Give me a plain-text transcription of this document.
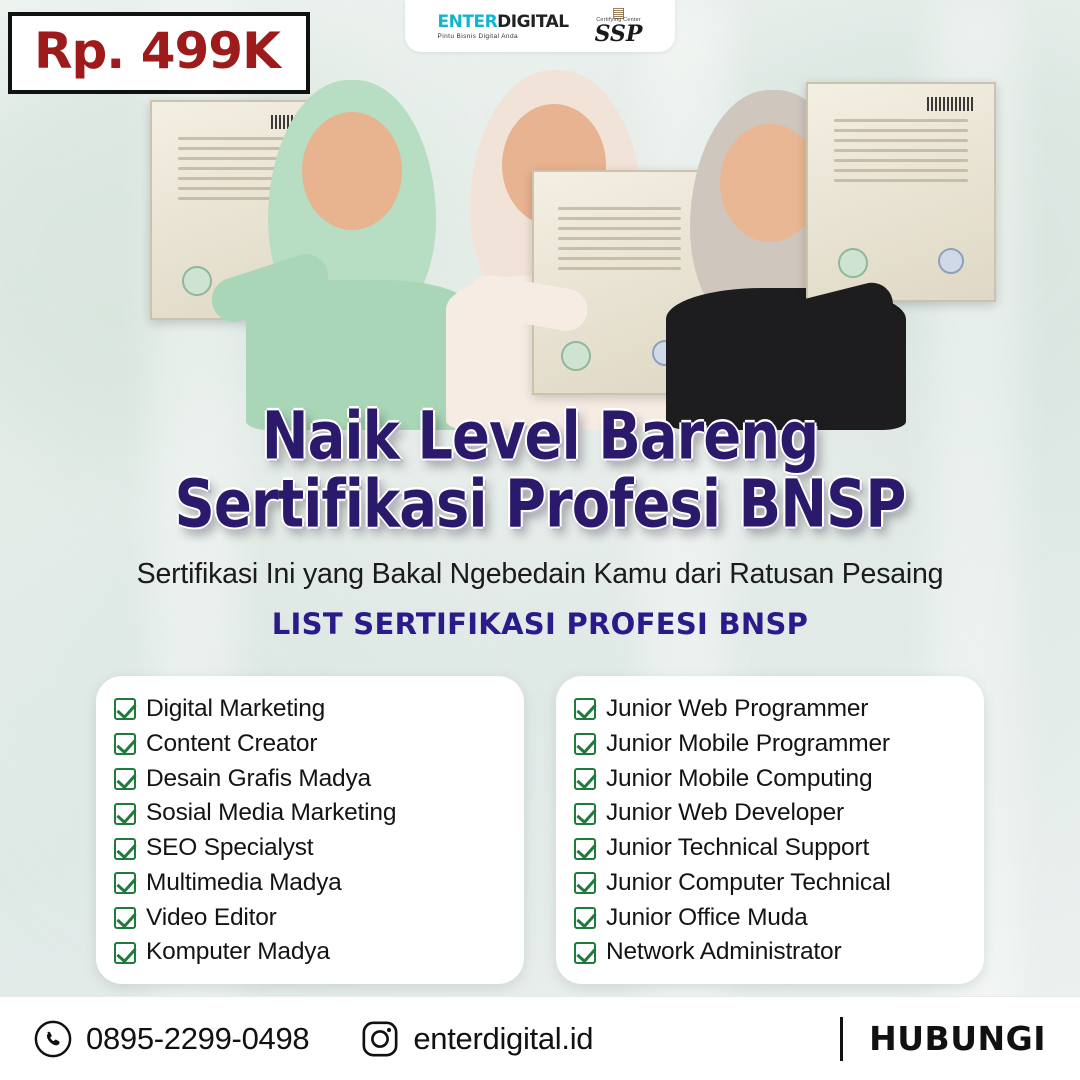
Rp. 499K	ENTER DIGITAL
Pintu Bisnis Digital Anda
▤
Certifying Center
SSP
Naik Level Bareng
Sertifikasi Profesi BNSP
Sertifikasi Ini yang Bakal Ngebedain Kamu dari Ratusan Pesaing
LIST SERTIFIKASI PROFESI BNSP
Digital Marketing
Content Creator
Desain Grafis Madya
Sosial Media Marketing
SEO Specialyst
Multimedia Madya
Video Editor
Komputer Madya
Junior Web Programmer
Junior Mobile Programmer
Junior Mobile Computing
Junior Web Developer
Junior Technical Support
Junior Computer Technical
Junior Office Muda
Network Administrator
0895-2299-0498	enterdigital.id	HUBUNGI
